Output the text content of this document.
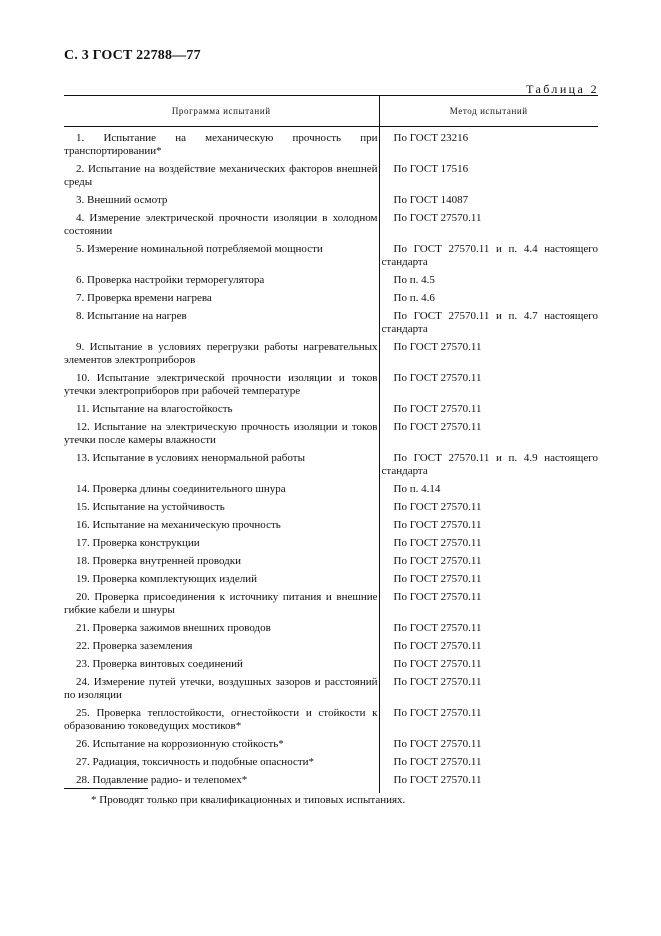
С. 3 ГОСТ 22788—77
Таблица 2
Программа испытаний	Метод испытаний

1. Испытание на механическую прочность при транспортировании*	По ГОСТ 23216

2. Испытание на воздействие механических факторов внешней среды	По ГОСТ 17516

3. Внешний осмотр	По ГОСТ 14087

4. Измерение электрической прочности изоляции в холодном состоянии	По ГОСТ 27570.11

5. Измерение номинальной потребляемой мощности	По ГОСТ 27570.11 и п. 4.4 настоящего стандарта

6. Проверка настройки терморегулятора	По п. 4.5

7. Проверка времени нагрева	По п. 4.6

8. Испытание на нагрев	По ГОСТ 27570.11 и п. 4.7 настоящего стандарта

9. Испытание в условиях перегрузки работы нагревательных элементов электроприборов	По ГОСТ 27570.11

10. Испытание электрической прочности изоляции и токов утечки электроприборов при рабочей температуре	По ГОСТ 27570.11

11. Испытание на влагостойкость	По ГОСТ 27570.11

12. Испытание на электрическую прочность изоляции и токов утечки после камеры влажности	По ГОСТ 27570.11

13. Испытание в условиях ненормальной работы	По ГОСТ 27570.11 и п. 4.9 настоящего стандарта

14. Проверка длины соединительного шнура	По п. 4.14

15. Испытание на устойчивость	По ГОСТ 27570.11

16. Испытание на механическую прочность	По ГОСТ 27570.11

17. Проверка конструкции	По ГОСТ 27570.11

18. Проверка внутренней проводки	По ГОСТ 27570.11

19. Проверка комплектующих изделий	По ГОСТ 27570.11

20. Проверка присоединения к источнику питания и внешние гибкие кабели и шнуры	По ГОСТ 27570.11

21. Проверка зажимов внешних проводов	По ГОСТ 27570.11

22. Проверка заземления	По ГОСТ 27570.11

23. Проверка винтовых соединений	По ГОСТ 27570.11

24. Измерение путей утечки, воздушных зазоров и расстояний по изоляции	По ГОСТ 27570.11

25. Проверка теплостойкости, огнестойкости и стойкости к образованию токоведущих мостиков*	По ГОСТ 27570.11

26. Испытание на коррозионную стойкость*	По ГОСТ 27570.11

27. Радиация, токсичность и подобные опасности*	По ГОСТ 27570.11

28. Подавление радио- и телепомех*	По ГОСТ 27570.11
* Проводят только при квалификационных и типовых испытаниях.
